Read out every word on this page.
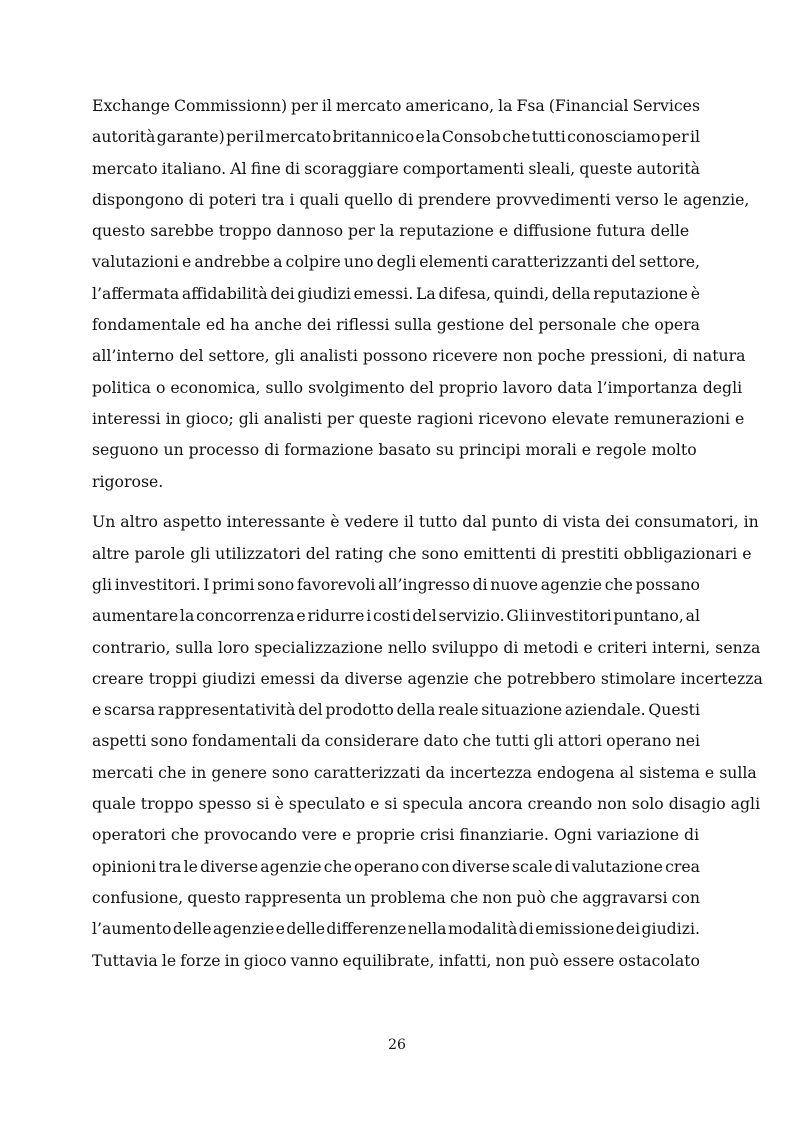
Exchange Commissionn) per il mercato americano, la Fsa (Financial Services
autorità garante) per il mercato britannico e la Consob che tutti conosciamo per il
mercato italiano. Al fine di scoraggiare comportamenti sleali, queste autorità
dispongono di poteri tra i quali quello di prendere provvedimenti verso le agenzie,
questo sarebbe troppo dannoso per la reputazione e diffusione futura delle
valutazioni e andrebbe a colpire uno degli elementi caratterizzanti del settore,
l’affermata affidabilità dei giudizi emessi. La difesa, quindi, della reputazione è
fondamentale ed ha anche dei riflessi sulla gestione del personale che opera
all’interno del settore, gli analisti possono ricevere non poche pressioni, di natura
politica o economica, sullo svolgimento del proprio lavoro data l’importanza degli
interessi in gioco; gli analisti per queste ragioni ricevono elevate remunerazioni e
seguono un processo di formazione basato su principi morali e regole molto
rigorose.

Un altro aspetto interessante è vedere il tutto dal punto di vista dei consumatori, in
altre parole gli utilizzatori del rating che sono emittenti di prestiti obbligazionari e
gli investitori. I primi sono favorevoli all’ingresso di nuove agenzie che possano
aumentare la concorrenza e ridurre i costi del servizio. Gli investitori puntano, al
contrario, sulla loro specializzazione nello sviluppo di metodi e criteri interni, senza
creare troppi giudizi emessi da diverse agenzie che potrebbero stimolare incertezza
e scarsa rappresentatività del prodotto della reale situazione aziendale. Questi
aspetti sono fondamentali da considerare dato che tutti gli attori operano nei
mercati che in genere sono caratterizzati da incertezza endogena al sistema e sulla
quale troppo spesso si è speculato e si specula ancora creando non solo disagio agli
operatori che provocando vere e proprie crisi finanziarie. Ogni variazione di
opinioni tra le diverse agenzie che operano con diverse scale di valutazione crea
confusione, questo rappresenta un problema che non può che aggravarsi con
l’aumento delle agenzie e delle differenze nella modalità di emissione dei giudizi.
Tuttavia le forze in gioco vanno equilibrate, infatti, non può essere ostacolato

26
